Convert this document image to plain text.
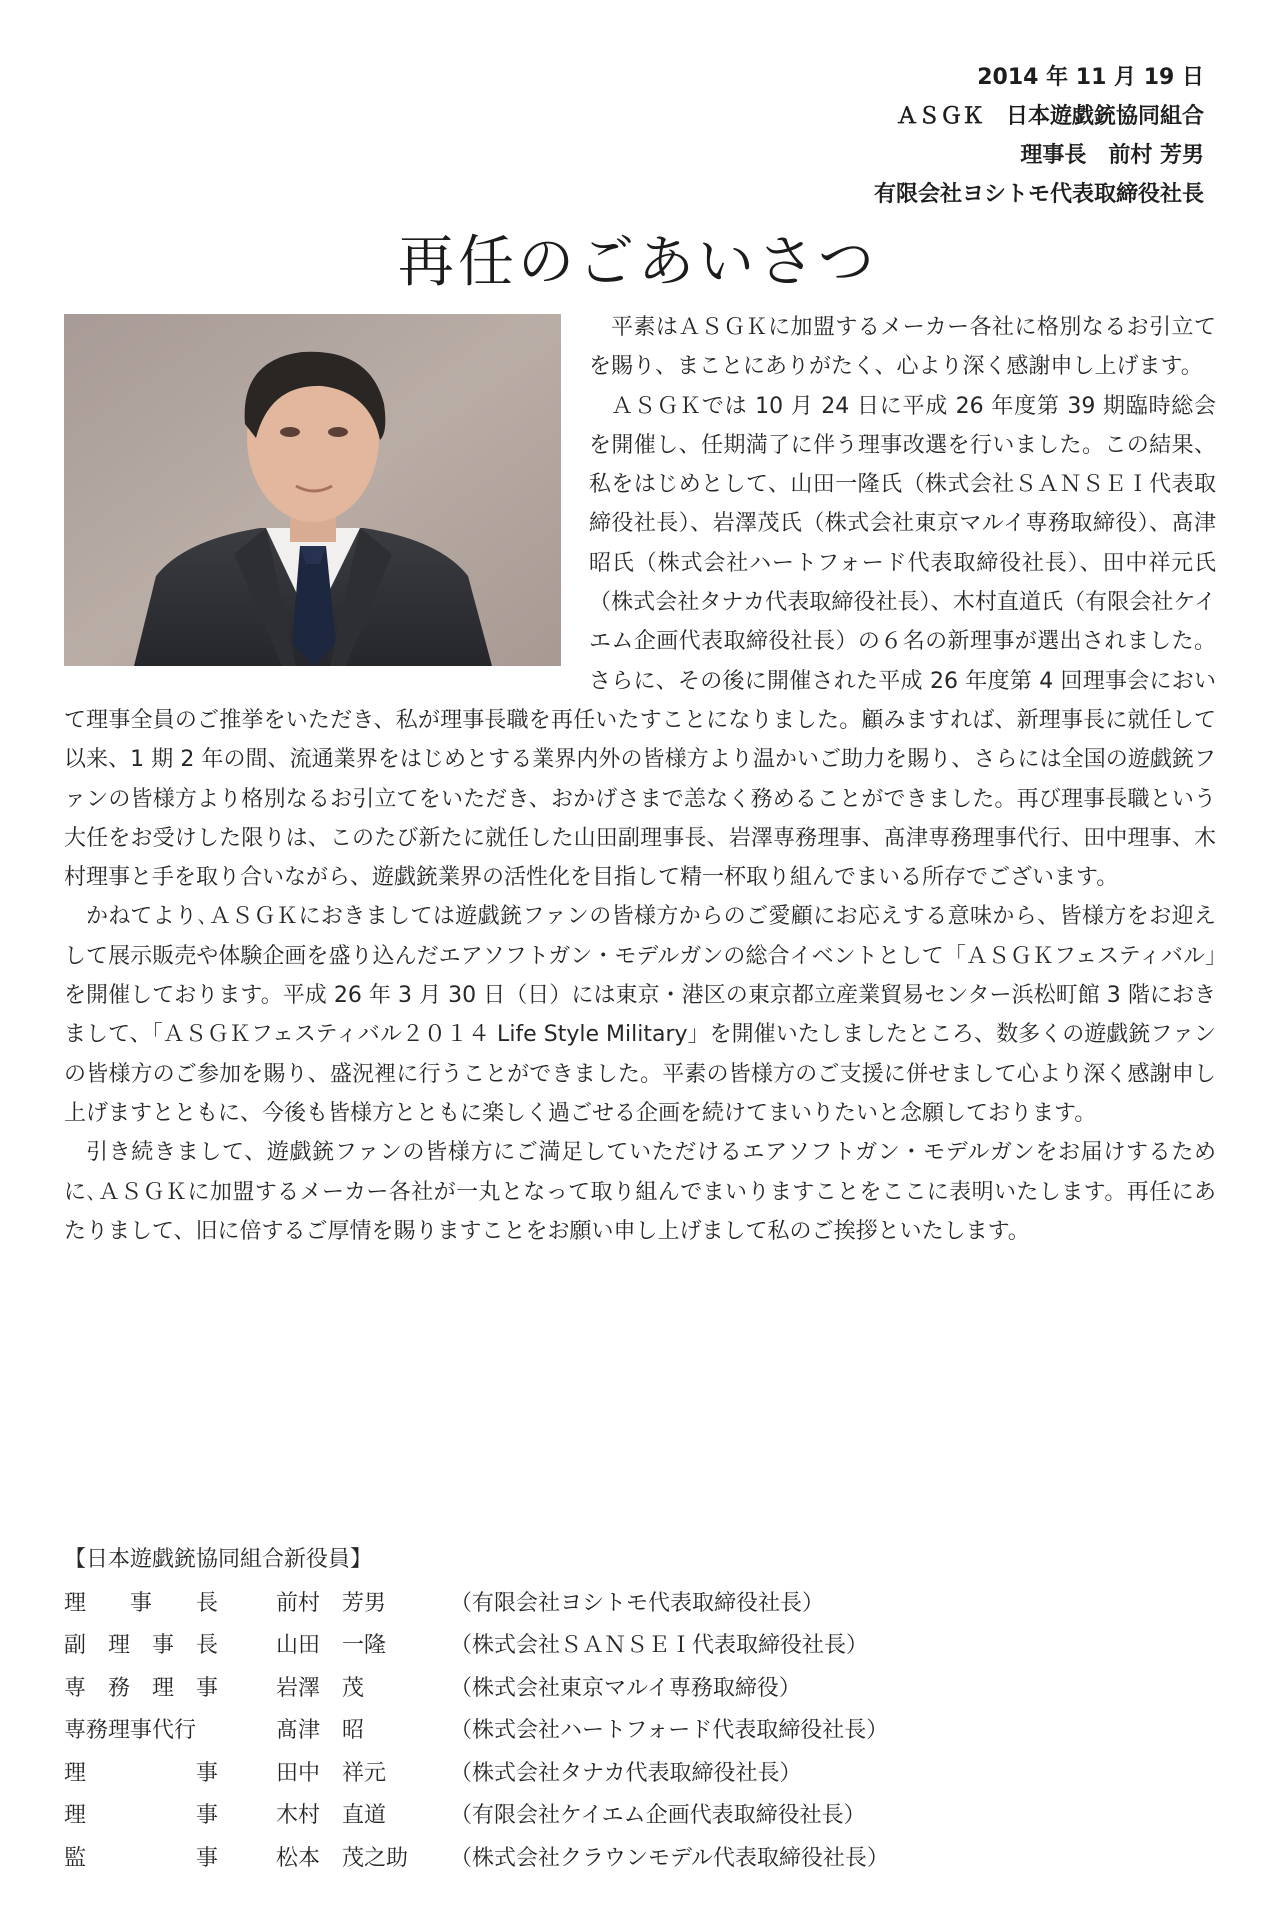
2014 年 11 月 19 日
ＡＳＧＫ　日本遊戯銃協同組合
理事長　前村 芳男
有限会社ヨシトモ代表取締役社長
再任のごあいさつ

平素はＡＳＧＫに加盟するメーカー各社に格別なるお引立てを賜り、まことにありがたく、心より深く感謝申し上げます。

ＡＳＧＫでは 10 月 24 日に平成 26 年度第 39 期臨時総会を開催し、任期満了に伴う理事改選を行いました。この結果、私をはじめとして、山田一隆氏（株式会社ＳＡＮＳＥＩ代表取締役社長）、岩澤茂氏（株式会社東京マルイ専務取締役）、髙津昭氏（株式会社ハートフォード代表取締役社長）、田中祥元氏（株式会社タナカ代表取締役社長）、木村直道氏（有限会社ケイエム企画代表取締役社長）の６名の新理事が選出されました。さらに、その後に開催された平成 26 年度第 4 回理事会において理事全員のご推挙をいただき、私が理事長職を再任いたすことになりました。顧みますれば、新理事長に就任して以来、1 期 2 年の間、流通業界をはじめとする業界内外の皆様方より温かいご助力を賜り、さらには全国の遊戯銃ファンの皆様方より格別なるお引立てをいただき、おかげさまで恙なく務めることができました。再び理事長職という大任をお受けした限りは、このたび新たに就任した山田副理事長、岩澤専務理事、髙津専務理事代行、田中理事、木村理事と手を取り合いながら、遊戯銃業界の活性化を目指して精一杯取り組んでまいる所存でございます。

かねてより､ＡＳＧＫにおきましては遊戯銃ファンの皆様方からのご愛顧にお応えする意味から、皆様方をお迎えして展示販売や体験企画を盛り込んだエアソフトガン・モデルガンの総合イベントとして「ＡＳＧＫフェスティバル」を開催しております。平成 26 年 3 月 30 日（日）には東京・港区の東京都立産業貿易センター浜松町館 3 階におきまして、「ＡＳＧＫフェスティバル２０１４ Life Style Military」を開催いたしましたところ、数多くの遊戯銃ファンの皆様方のご参加を賜り、盛況裡に行うことができました。平素の皆様方のご支援に併せまして心より深く感謝申し上げますとともに、今後も皆様方とともに楽しく過ごせる企画を続けてまいりたいと念願しております。

引き続きまして、遊戯銃ファンの皆様方にご満足していただけるエアソフトガン・モデルガンをお届けするために､ＡＳＧＫに加盟するメーカー各社が一丸となって取り組んでまいりますことをここに表明いたします。再任にあたりまして、旧に倍するご厚情を賜りますことをお願い申し上げまして私のご挨拶といたします。

【日本遊戯銃協同組合新役員】
理　　事　　長	前村　芳男	（有限会社ヨシトモ代表取締役社長）
副　理　事　長	山田　一隆	（株式会社ＳＡＮＳＥＩ代表取締役社長）
専　務　理　事	岩澤　茂	（株式会社東京マルイ専務取締役）
専務理事代行	髙津　昭	（株式会社ハートフォード代表取締役社長）
理　　　　　事	田中　祥元	（株式会社タナカ代表取締役社長）
理　　　　　事	木村　直道	（有限会社ケイエム企画代表取締役社長）
監　　　　　事	松本　茂之助	（株式会社クラウンモデル代表取締役社長）
